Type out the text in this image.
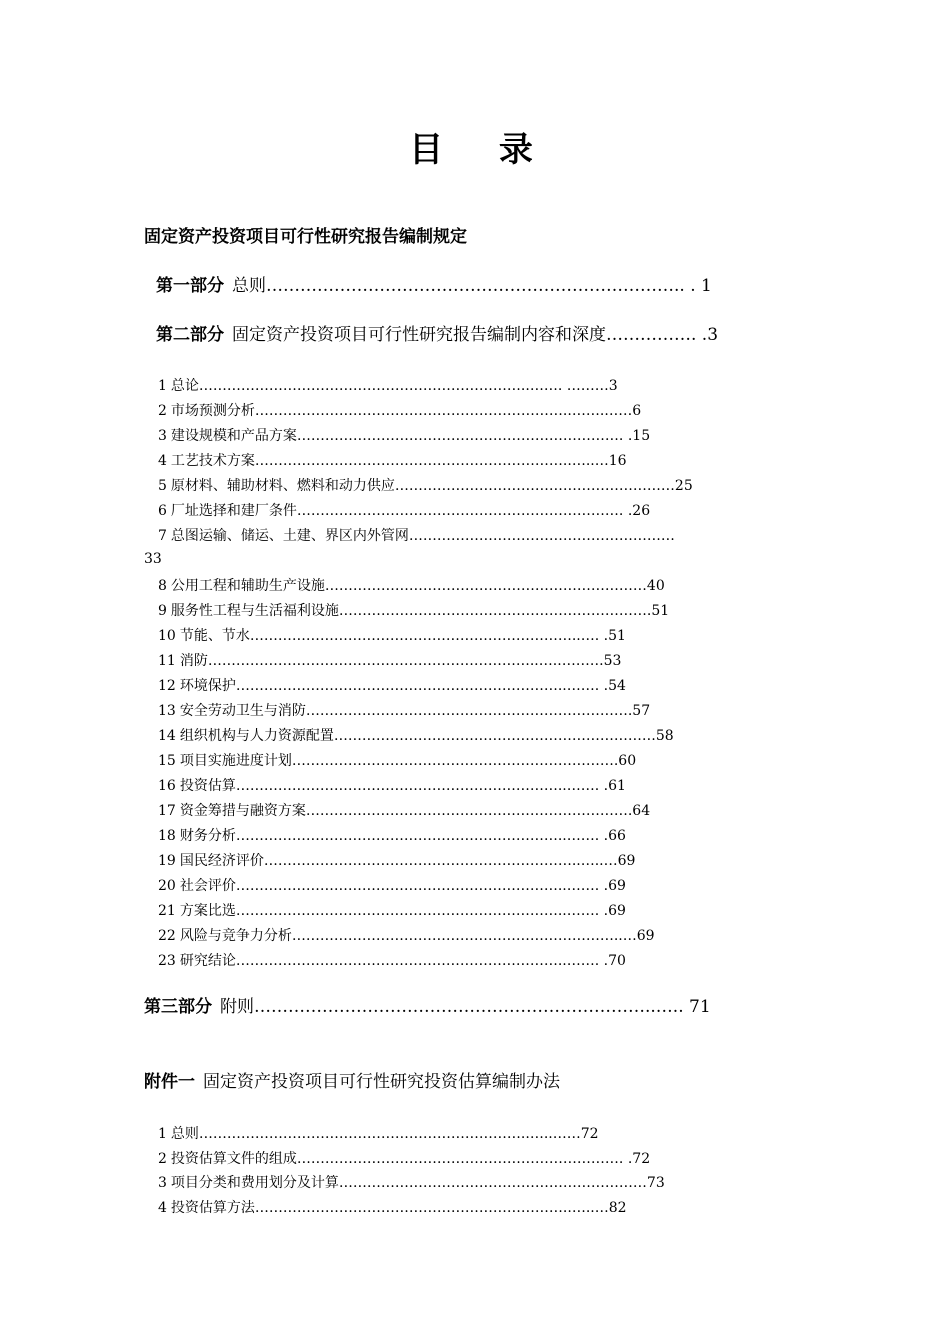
目 录
固定资产投资项目可行性研究报告编制规定
第一部分 总则……………………………………………………………….. . 1
第二部分 固定资产投资项目可行性研究报告编制内容和深度……………. .3
1 总论……………………………………………………………..……. ………3
2 市场预测分析…………………………………………………………..…….……6
3 建设规模和产品方案……………………………………………………………. .15
4 工艺技术方案…………………………………………………………..…..…16
5 原材料、辅助材料、燃料和动力供应……………………………………………………25
6 厂址选择和建厂条件……………………………………………………………. .26
7 总图运输、储运、土建、界区内外管网…………………………………………………
8 公用工程和辅助生产设施……………………………………………………………40
9 服务性工程与生活福利设施………………………………………………………….51
10 节能、节水……………………………………………………………..…. .51
11 消防……………………………………………………………..….……….53
12 环境保护……………………………………………………………..……. .54
13 安全劳动卫生与消防…………………………………………………………….57
14 组织机构与人力资源配置……………………………………………………………58
15 项目实施进度计划…………………………………………………………….60
16 投资估算……………………………………………………………..……. .61
17 资金筹措与融资方案…………………………………………………………….64
18 财务分析……………………………………………………………..……. .66
19 国民经济评价…………………………………………………………..…..…69
20 社会评价……………………………………………………………..……. .69
21 方案比选……………………………………………………………..……. .69
22 风险与竞争力分析……………………………………………………………..…69
23 研究结论……………………………………………………………..……. .70
33
第三部分 附则……………………………………………………………..….. 71
附件一 固定资产投资项目可行性研究投资估算编制办法
1 总则……………………………………………………………..…..……72
2 投资估算文件的组成……………………………………………………………. .72
3 项目分类和费用划分及计算…………………………………………………………73
4 投资估算方法…………………………………………………………..…..…82
